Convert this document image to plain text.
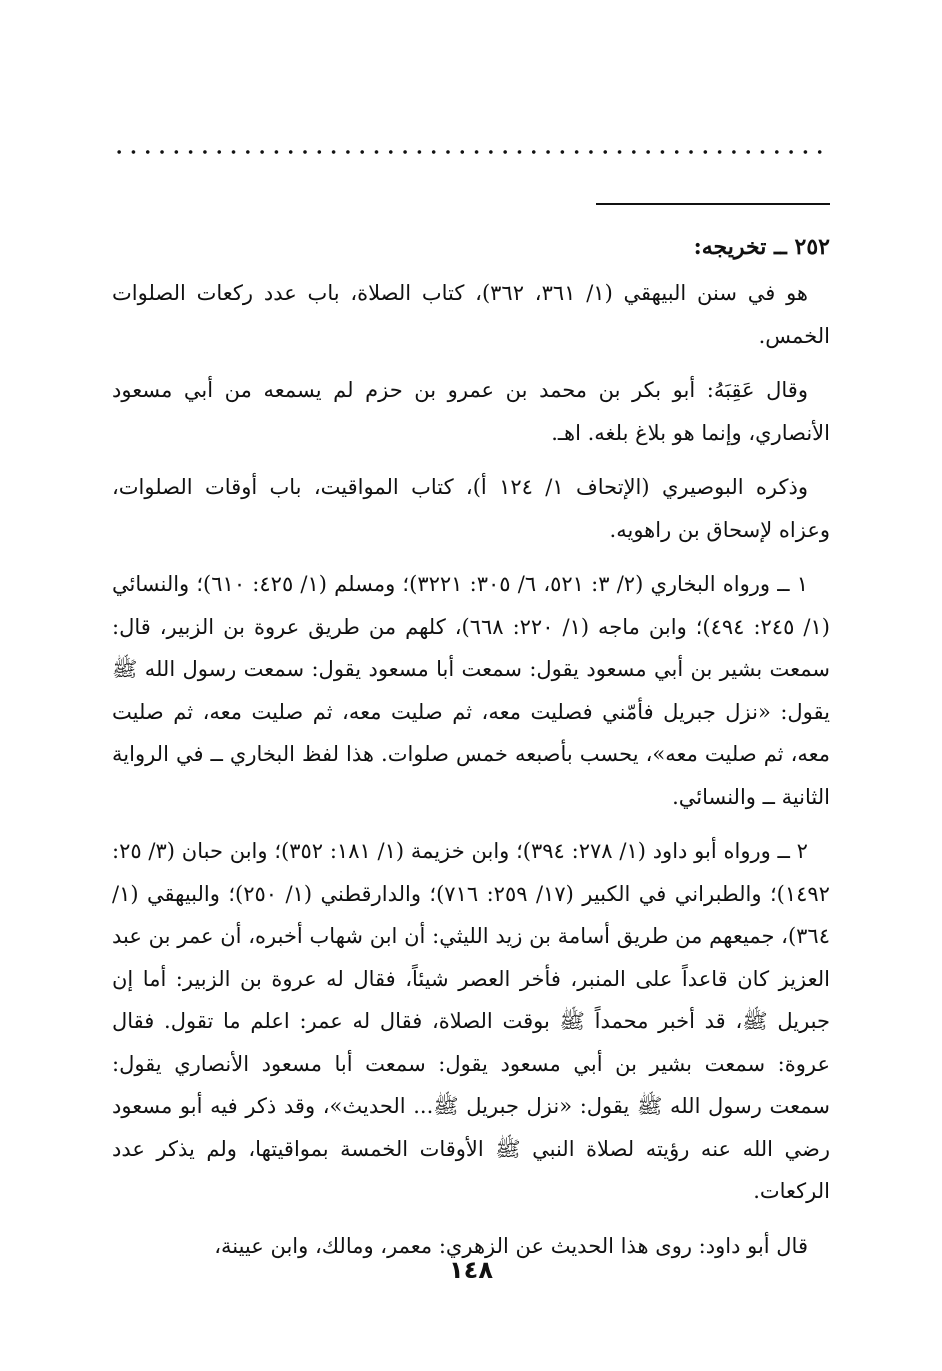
٢٥٢ ــ تخريجه:

هو في سنن البيهقي (١/ ٣٦١، ٣٦٢)، كتاب الصلاة، باب عدد ركعات الصلوات الخمس.

وقال عَقِبَهُ: أبو بكر بن محمد بن عمرو بن حزم لم يسمعه من أبي مسعود الأنصاري، وإنما هو بلاغ بلغه. اهـ.

وذكره البوصيري (الإتحاف ١/ ١٢٤ أ)، كتاب المواقيت، باب أوقات الصلوات، وعزاه لإسحاق بن راهويه.

١ ــ ورواه البخاري (٢/ ٣: ٥٢١، ٦/ ٣٠٥: ٣٢٢١)؛ ومسلم (١/ ٤٢٥: ٦١٠)؛ والنسائي (١/ ٢٤٥: ٤٩٤)؛ وابن ماجه (١/ ٢٢٠: ٦٦٨)، كلهم من طريق عروة بن الزبير، قال: سمعت بشير بن أبي مسعود يقول: سمعت أبا مسعود يقول: سمعت رسول الله ﷺ يقول: «نزل جبريل فأمّني فصليت معه، ثم صليت معه، ثم صليت معه، ثم صليت معه، ثم صليت معه»، يحسب بأصبعه خمس صلوات. هذا لفظ البخاري ــ في الرواية الثانية ــ والنسائي.

٢ ــ ورواه أبو داود (١/ ٢٧٨: ٣٩٤)؛ وابن خزيمة (١/ ١٨١: ٣٥٢)؛ وابن حبان (٣/ ٢٥: ١٤٩٢)؛ والطبراني في الكبير (١٧/ ٢٥٩: ٧١٦)؛ والدارقطني (١/ ٢٥٠)؛ والبيهقي (١/ ٣٦٤)، جميعهم من طريق أسامة بن زيد الليثي: أن ابن شهاب أخبره، أن عمر بن عبد العزيز كان قاعداً على المنبر، فأخر العصر شيئاً، فقال له عروة بن الزبير: أما إن جبريل ﷺ، قد أخبر محمداً ﷺ بوقت الصلاة، فقال له عمر: اعلم ما تقول. فقال عروة: سمعت بشير بن أبي مسعود يقول: سمعت أبا مسعود الأنصاري يقول: سمعت رسول الله ﷺ يقول: «نزل جبريل ﷺ... الحديث»، وقد ذكر فيه أبو مسعود رضي الله عنه رؤيته لصلاة النبي ﷺ الأوقات الخمسة بمواقيتها، ولم يذكر عدد الركعات.

قال أبو داود: روى هذا الحديث عن الزهري: معمر، ومالك، وابن عيينة،

١٤٨
